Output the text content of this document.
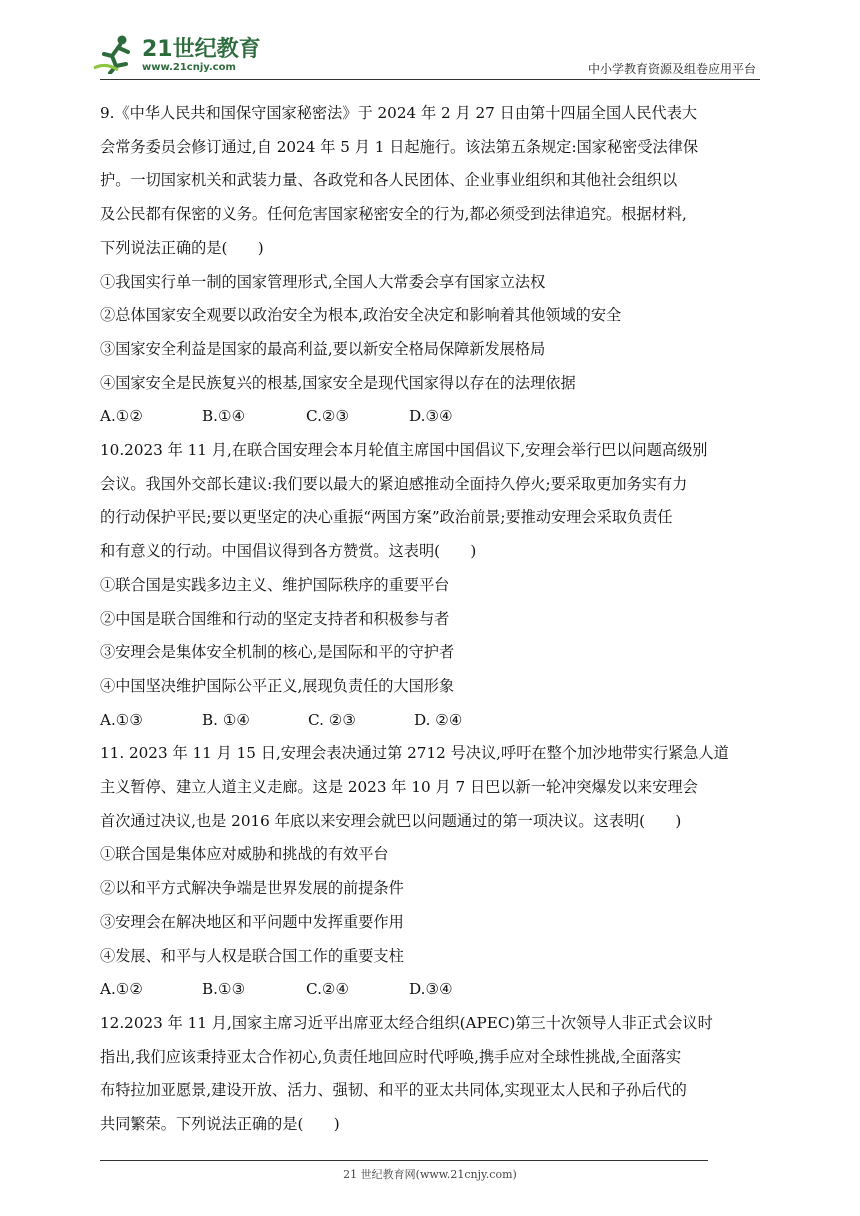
21世纪教育
www.21cnjy.com	中小学教育资源及组卷应用平台
9.《中华人民共和国保守国家秘密法》于 2024 年 2 月 27 日由第十四届全国人民代表大
会常务委员会修订通过,自 2024 年 5 月 1 日起施行。该法第五条规定:国家秘密受法律保
护。一切国家机关和武装力量、各政党和各人民团体、企业事业组织和其他社会组织以
及公民都有保密的义务。任何危害国家秘密安全的行为,都必须受到法律追究。根据材料,
下列说法正确的是(　　)
①我国实行单一制的国家管理形式,全国人大常委会享有国家立法权
②总体国家安全观要以政治安全为根本,政治安全决定和影响着其他领域的安全
③国家安全利益是国家的最高利益,要以新安全格局保障新发展格局
④国家安全是民族复兴的根基,国家安全是现代国家得以存在的法理依据
A.①②	B.①④	C.②③	D.③④
10.2023 年 11 月,在联合国安理会本月轮值主席国中国倡议下,安理会举行巴以问题高级别
会议。我国外交部长建议:我们要以最大的紧迫感推动全面持久停火;要采取更加务实有力
的行动保护平民;要以更坚定的决心重振“两国方案”政治前景;要推动安理会采取负责任
和有意义的行动。中国倡议得到各方赞赏。这表明(　　)
①联合国是实践多边主义、维护国际秩序的重要平台
②中国是联合国维和行动的坚定支持者和积极参与者
③安理会是集体安全机制的核心,是国际和平的守护者
④中国坚决维护国际公平正义,展现负责任的大国形象
A.①③	B. ①④	C. ②③	D. ②④
11. 2023 年 11 月 15 日,安理会表决通过第 2712 号决议,呼吁在整个加沙地带实行紧急人道
主义暂停、建立人道主义走廊。这是 2023 年 10 月 7 日巴以新一轮冲突爆发以来安理会
首次通过决议,也是 2016 年底以来安理会就巴以问题通过的第一项决议。这表明(　　)
①联合国是集体应对威胁和挑战的有效平台
②以和平方式解决争端是世界发展的前提条件
③安理会在解决地区和平问题中发挥重要作用
④发展、和平与人权是联合国工作的重要支柱
A.①②	B.①③	C.②④	D.③④
12.2023 年 11 月,国家主席习近平出席亚太经合组织(APEC)第三十次领导人非正式会议时
指出,我们应该秉持亚太合作初心,负责任地回应时代呼唤,携手应对全球性挑战,全面落实
布特拉加亚愿景,建设开放、活力、强韧、和平的亚太共同体,实现亚太人民和子孙后代的
共同繁荣。下列说法正确的是(　　)
21 世纪教育网(www.21cnjy.com)
